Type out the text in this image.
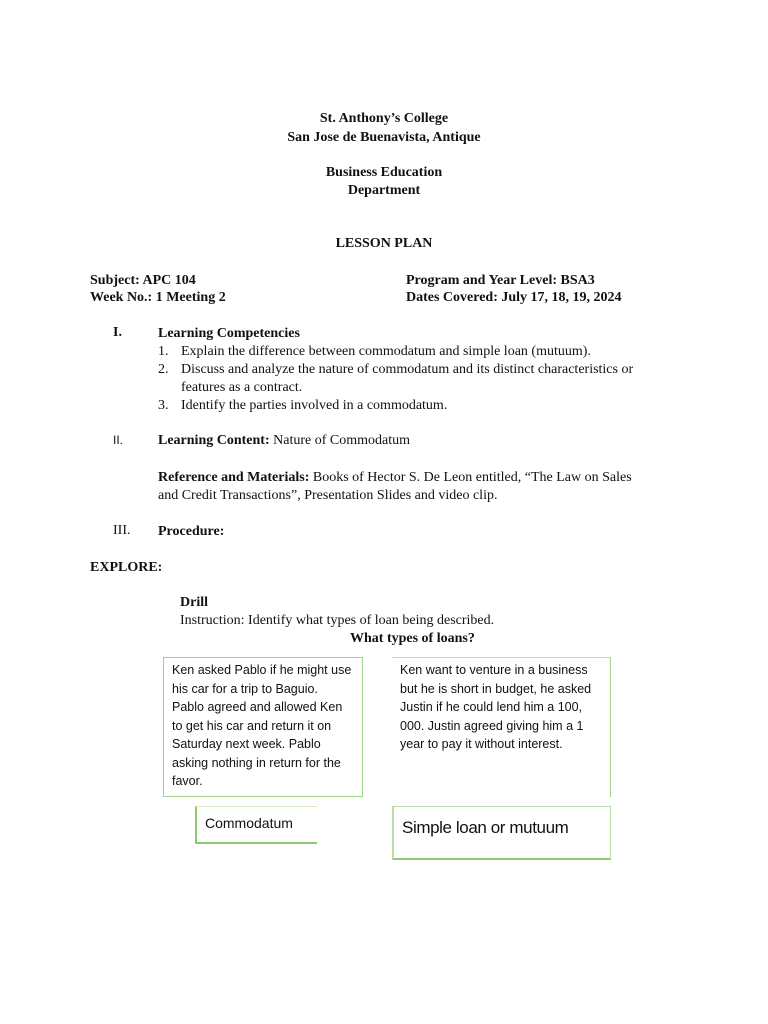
St. Anthony’s College
San Jose de Buenavista, Antique
Business Education
Department
LESSON PLAN
Subject: APC 104
Week No.: 1 Meeting 2
Program and Year Level: BSA3
Dates Covered: July 17, 18, 19, 2024
I.	Learning Competencies
1. Explain the difference between commodatum and simple loan (mutuum).
2. Discuss and analyze the nature of commodatum and its distinct characteristics or
features as a contract.
3. Identify the parties involved in a commodatum.
II. Learning Content: Nature of Commodatum
Reference and Materials: Books of Hector S. De Leon entitled, “The Law on Sales
and Credit Transactions”, Presentation Slides and video clip.
III. Procedure:
EXPLORE:
Drill
Instruction: Identify what types of loan being described.
What types of loans?
Ken asked Pablo if he might use
his car for a trip to Baguio.
Pablo agreed and allowed Ken
to get his car and return it on
Saturday next week. Pablo
asking nothing in return for the
favor.
Ken want to venture in a business
but he is short in budget, he asked
Justin if he could lend him a 100,
000. Justin agreed giving him a 1
year to pay it without interest.
Commodatum	Simple loan or mutuum
